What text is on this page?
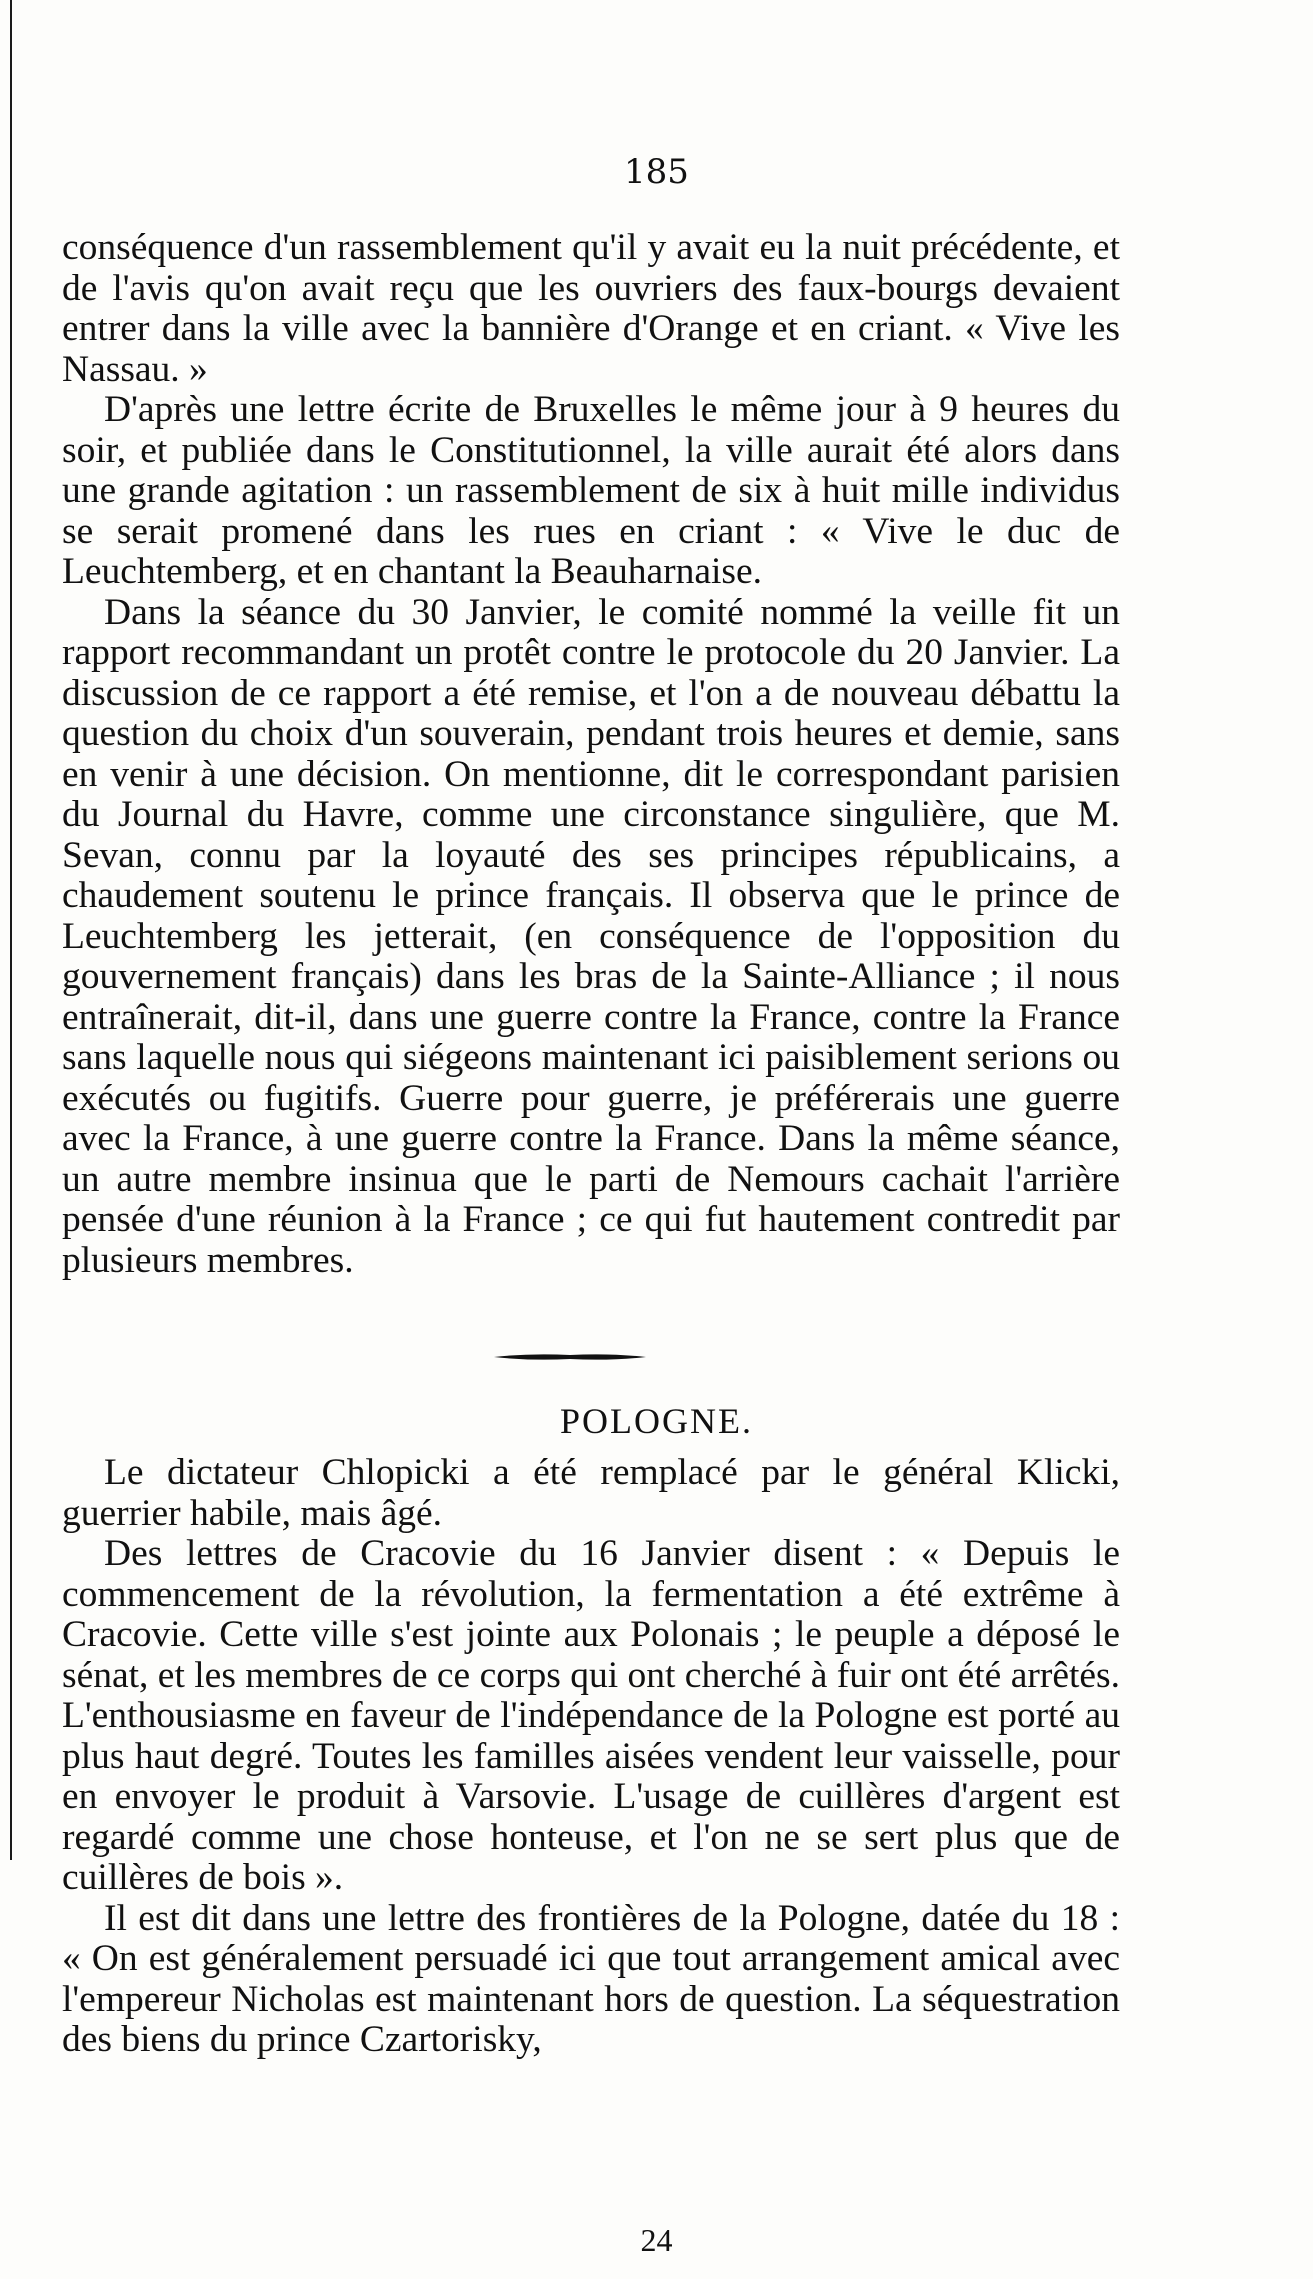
185

conséquence d'un rassemblement qu'il y avait eu la nuit précédente, et de l'avis qu'on avait reçu que les ouvriers des faux-bourgs devaient entrer dans la ville avec la bannière d'Orange et en criant. « Vive les Nassau. »

D'après une lettre écrite de Bruxelles le même jour à 9 heures du soir, et publiée dans le Constitutionnel, la ville aurait été alors dans une grande agitation : un rassemblement de six à huit mille individus se serait promené dans les rues en criant : « Vive le duc de Leuchtemberg, et en chantant la Beauharnaise.

Dans la séance du 30 Janvier, le comité nommé la veille fit un rapport recommandant un protêt contre le protocole du 20 Janvier. La discussion de ce rapport a été remise, et l'on a de nouveau débattu la question du choix d'un souverain, pendant trois heures et demie, sans en venir à une décision. On mentionne, dit le correspondant parisien du Journal du Havre, comme une circonstance singulière, que M. Sevan, connu par la loyauté des ses principes républicains, a chaudement soutenu le prince français. Il observa que le prince de Leuchtemberg les jetterait, (en conséquence de l'opposition du gouvernement français) dans les bras de la Sainte-Alliance ; il nous entraînerait, dit-il, dans une guerre contre la France, contre la France sans laquelle nous qui siégeons maintenant ici paisiblement serions ou exécutés ou fugitifs. Guerre pour guerre, je préférerais une guerre avec la France, à une guerre contre la France. Dans la même séance, un autre membre insinua que le parti de Nemours cachait l'arrière pensée d'une réunion à la France ; ce qui fut hautement contredit par plusieurs membres.

POLOGNE.

Le dictateur Chlopicki a été remplacé par le général Klicki, guerrier habile, mais âgé.

Des lettres de Cracovie du 16 Janvier disent : « Depuis le commencement de la révolution, la fermentation a été extrême à Cracovie. Cette ville s'est jointe aux Polonais ; le peuple a déposé le sénat, et les membres de ce corps qui ont cherché à fuir ont été arrêtés. L'enthousiasme en faveur de l'indépendance de la Pologne est porté au plus haut degré. Toutes les familles aisées vendent leur vaisselle, pour en envoyer le produit à Varsovie. L'usage de cuillères d'argent est regardé comme une chose honteuse, et l'on ne se sert plus que de cuillères de bois ».

Il est dit dans une lettre des frontières de la Pologne, datée du 18 : « On est généralement persuadé ici que tout arrangement amical avec l'empereur Nicholas est maintenant hors de question. La séquestration des biens du prince Czartorisky,

24
